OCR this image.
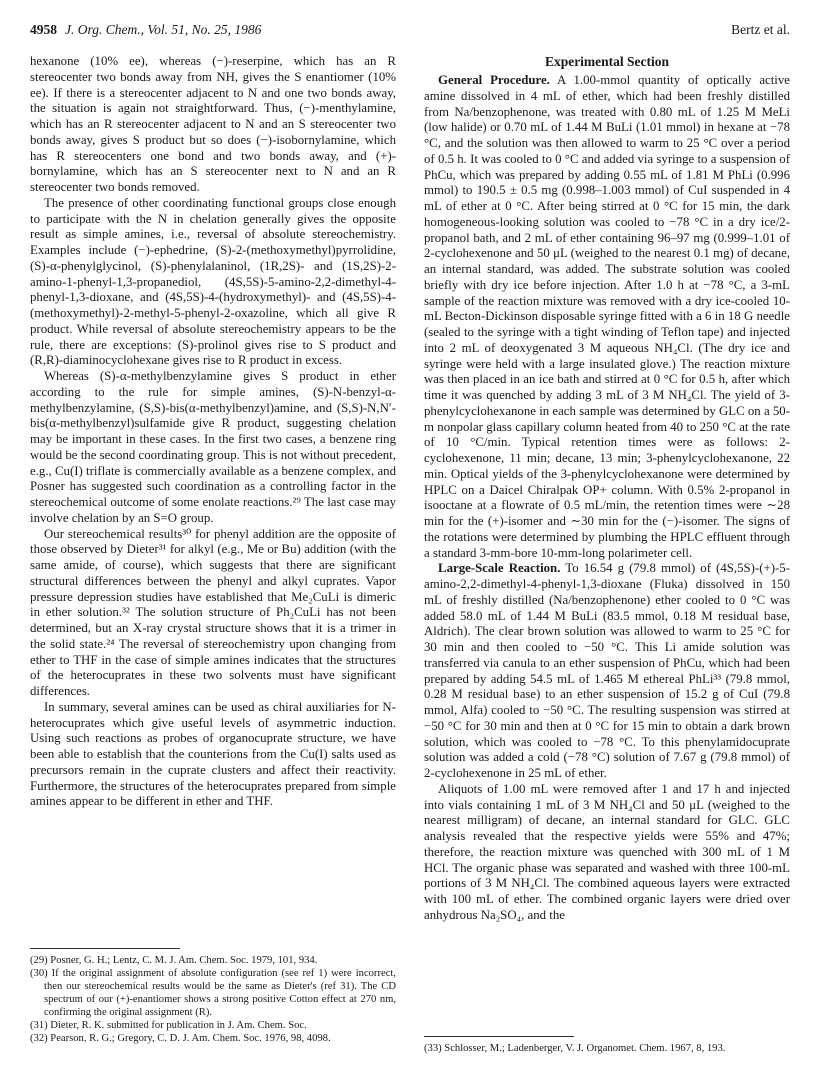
4958 J. Org. Chem., Vol. 51, No. 25, 1986	Bertz et al.

hexanone (10% ee), whereas (−)-reserpine, which has an R stereocenter two bonds away from NH, gives the S enantiomer (10% ee). If there is a stereocenter adjacent to N and one two bonds away, the situation is again not straightforward. Thus, (−)-menthylamine, which has an R stereocenter adjacent to N and an S stereocenter two bonds away, gives S product but so does (−)-isobornylamine, which has R stereocenters one bond and two bonds away, and (+)-bornylamine, which has an S stereocenter next to N and an R stereocenter two bonds removed.

The presence of other coordinating functional groups close enough to participate with the N in chelation generally gives the opposite result as simple amines, i.e., reversal of absolute stereochemistry. Examples include (−)-ephedrine, (S)-2-(methoxymethyl)pyrrolidine, (S)-α-phenylglycinol, (S)-phenylalaninol, (1R,2S)- and (1S,2S)-2-amino-1-phenyl-1,3-propanediol, (4S,5S)-5-amino-2,2-dimethyl-4-phenyl-1,3-dioxane, and (4S,5S)-4-(hydroxymethyl)- and (4S,5S)-4-(methoxymethyl)-2-methyl-5-phenyl-2-oxazoline, which all give R product. While reversal of absolute stereochemistry appears to be the rule, there are exceptions: (S)-prolinol gives rise to S product and (R,R)-diaminocyclohexane gives rise to R product in excess.

Whereas (S)-α-methylbenzylamine gives S product in ether according to the rule for simple amines, (S)-N-benzyl-α-methylbenzylamine, (S,S)-bis(α-methylbenzyl)amine, and (S,S)-N,N′-bis(α-methylbenzyl)sulfamide give R product, suggesting chelation may be important in these cases. In the first two cases, a benzene ring would be the second coordinating group. This is not without precedent, e.g., Cu(I) triflate is commercially available as a benzene complex, and Posner has suggested such coordination as a controlling factor in the stereochemical outcome of some enolate reactions.²⁹ The last case may involve chelation by an S=O group.

Our stereochemical results³⁰ for phenyl addition are the opposite of those observed by Dieter³¹ for alkyl (e.g., Me or Bu) addition (with the same amide, of course), which suggests that there are significant structural differences between the phenyl and alkyl cuprates. Vapor pressure depression studies have established that Me₂CuLi is dimeric in ether solution.³² The solution structure of Ph₂CuLi has not been determined, but an X-ray crystal structure shows that it is a trimer in the solid state.²⁴ The reversal of stereochemistry upon changing from ether to THF in the case of simple amines indicates that the structures of the heterocuprates in these two solvents must have significant differences.

In summary, several amines can be used as chiral auxiliaries for N-heterocuprates which give useful levels of asymmetric induction. Using such reactions as probes of organocuprate structure, we have been able to establish that the counterions from the Cu(I) salts used as precursors remain in the cuprate clusters and affect their reactivity. Furthermore, the structures of the heterocuprates prepared from simple amines appear to be different in ether and THF.

(29) Posner, G. H.; Lentz, C. M. J. Am. Chem. Soc. 1979, 101, 934.
(30) If the original assignment of absolute configuration (see ref 1) were incorrect, then our stereochemical results would be the same as Dieter's (ref 31). The CD spectrum of our (+)-enantiomer shows a strong positive Cotton effect at 270 nm, confirming the original assignment (R).
(31) Dieter, R. K. submitted for publication in J. Am. Chem. Soc.
(32) Pearson, R. G.; Gregory, C. D. J. Am. Chem. Soc. 1976, 98, 4098.
Experimental Section

General Procedure. A 1.00-mmol quantity of optically active amine dissolved in 4 mL of ether, which had been freshly distilled from Na/benzophenone, was treated with 0.80 mL of 1.25 M MeLi (low halide) or 0.70 mL of 1.44 M BuLi (1.01 mmol) in hexane at −78 °C, and the solution was then allowed to warm to 25 °C over a period of 0.5 h. It was cooled to 0 °C and added via syringe to a suspension of PhCu, which was prepared by adding 0.55 mL of 1.81 M PhLi (0.996 mmol) to 190.5 ± 0.5 mg (0.998–1.003 mmol) of CuI suspended in 4 mL of ether at 0 °C. After being stirred at 0 °C for 15 min, the dark homogeneous-looking solution was cooled to −78 °C in a dry ice/2-propanol bath, and 2 mL of ether containing 96–97 mg (0.999–1.01 of 2-cyclohexenone and 50 μL (weighed to the nearest 0.1 mg) of decane, an internal standard, was added. The substrate solution was cooled briefly with dry ice before injection. After 1.0 h at −78 °C, a 3-mL sample of the reaction mixture was removed with a dry ice-cooled 10-mL Becton-Dickinson disposable syringe fitted with a 6 in 18 G needle (sealed to the syringe with a tight winding of Teflon tape) and injected into 2 mL of deoxygenated 3 M aqueous NH₄Cl. (The dry ice and syringe were held with a large insulated glove.) The reaction mixture was then placed in an ice bath and stirred at 0 °C for 0.5 h, after which time it was quenched by adding 3 mL of 3 M NH₄Cl. The yield of 3-phenylcyclohexanone in each sample was determined by GLC on a 50-m nonpolar glass capillary column heated from 40 to 250 °C at the rate of 10 °C/min. Typical retention times were as follows: 2-cyclohexenone, 11 min; decane, 13 min; 3-phenylcyclohexanone, 22 min. Optical yields of the 3-phenylcyclohexanone were determined by HPLC on a Daicel Chiralpak OP+ column. With 0.5% 2-propanol in isooctane at a flowrate of 0.5 mL/min, the retention times were ∼28 min for the (+)-isomer and ∼30 min for the (−)-isomer. The signs of the rotations were determined by plumbing the HPLC effluent through a standard 3-mm-bore 10-mm-long polarimeter cell.

Large-Scale Reaction. To 16.54 g (79.8 mmol) of (4S,5S)-(+)-5-amino-2,2-dimethyl-4-phenyl-1,3-dioxane (Fluka) dissolved in 150 mL of freshly distilled (Na/benzophenone) ether cooled to 0 °C was added 58.0 mL of 1.44 M BuLi (83.5 mmol, 0.18 M residual base, Aldrich). The clear brown solution was allowed to warm to 25 °C for 30 min and then cooled to −50 °C. This Li amide solution was transferred via canula to an ether suspension of PhCu, which had been prepared by adding 54.5 mL of 1.465 M ethereal PhLi³³ (79.8 mmol, 0.28 M residual base) to an ether suspension of 15.2 g of CuI (79.8 mmol, Alfa) cooled to −50 °C. The resulting suspension was stirred at −50 °C for 30 min and then at 0 °C for 15 min to obtain a dark brown solution, which was cooled to −78 °C. To this phenylamidocuprate solution was added a cold (−78 °C) solution of 7.67 g (79.8 mmol) of 2-cyclohexenone in 25 mL of ether.

Aliquots of 1.00 mL were removed after 1 and 17 h and injected into vials containing 1 mL of 3 M NH₄Cl and 50 μL (weighed to the nearest milligram) of decane, an internal standard for GLC. GLC analysis revealed that the respective yields were 55% and 47%; therefore, the reaction mixture was quenched with 300 mL of 1 M HCl. The organic phase was separated and washed with three 100-mL portions of 3 M NH₄Cl. The combined aqueous layers were extracted with 100 mL of ether. The combined organic layers were dried over anhydrous Na₂SO₄, and the

(33) Schlosser, M.; Ladenberger, V. J. Organomet. Chem. 1967, 8, 193.
